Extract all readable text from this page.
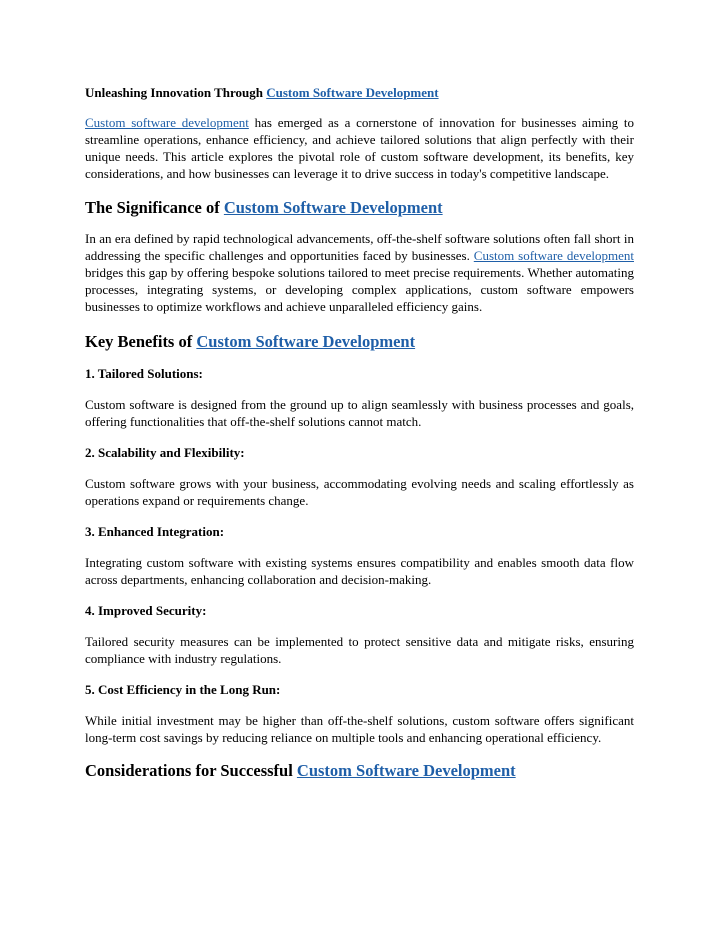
Unleashing Innovation Through Custom Software Development

Custom software development has emerged as a cornerstone of innovation for businesses aiming to streamline operations, enhance efficiency, and achieve tailored solutions that align perfectly with their unique needs. This article explores the pivotal role of custom software development, its benefits, key considerations, and how businesses can leverage it to drive success in today's competitive landscape.

The Significance of Custom Software Development

In an era defined by rapid technological advancements, off-the-shelf software solutions often fall short in addressing the specific challenges and opportunities faced by businesses. Custom software development bridges this gap by offering bespoke solutions tailored to meet precise requirements. Whether automating processes, integrating systems, or developing complex applications, custom software empowers businesses to optimize workflows and achieve unparalleled efficiency gains.

Key Benefits of Custom Software Development

1. Tailored Solutions:

Custom software is designed from the ground up to align seamlessly with business processes and goals, offering functionalities that off-the-shelf solutions cannot match.

2. Scalability and Flexibility:

Custom software grows with your business, accommodating evolving needs and scaling effortlessly as operations expand or requirements change.

3. Enhanced Integration:

Integrating custom software with existing systems ensures compatibility and enables smooth data flow across departments, enhancing collaboration and decision-making.

4. Improved Security:

Tailored security measures can be implemented to protect sensitive data and mitigate risks, ensuring compliance with industry regulations.

5. Cost Efficiency in the Long Run:

While initial investment may be higher than off-the-shelf solutions, custom software offers significant long-term cost savings by reducing reliance on multiple tools and enhancing operational efficiency.

Considerations for Successful Custom Software Development
